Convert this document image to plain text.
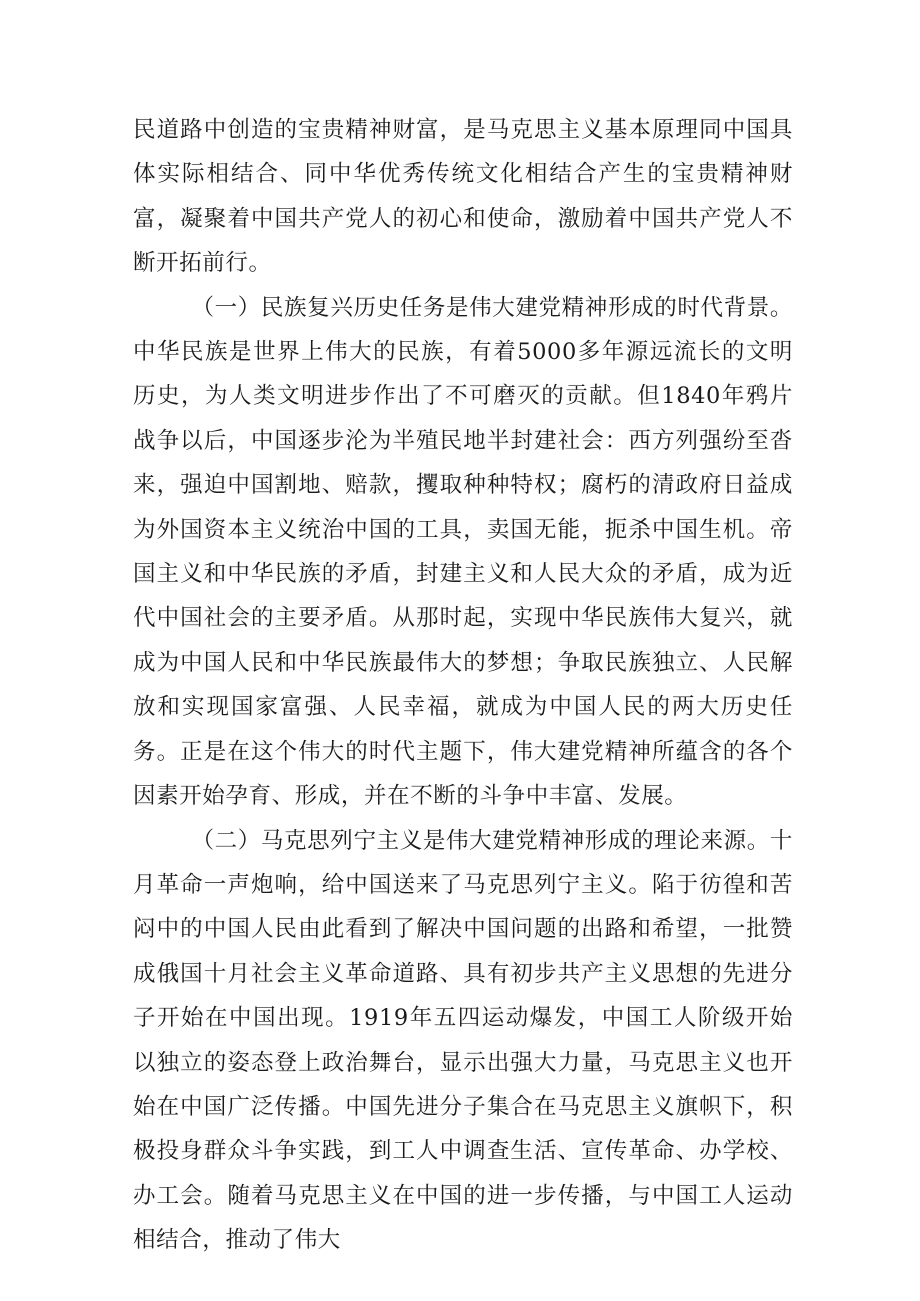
民道路中创造的宝贵精神财富，是马克思主义基本原理同中国具体实际相结合、同中华优秀传统文化相结合产生的宝贵精神财富，凝聚着中国共产党人的初心和使命，激励着中国共产党人不断开拓前行。

（一）民族复兴历史任务是伟大建党精神形成的时代背景。中华民族是世界上伟大的民族，有着5000多年源远流长的文明历史，为人类文明进步作出了不可磨灭的贡献。但1840年鸦片战争以后，中国逐步沦为半殖民地半封建社会：西方列强纷至沓来，强迫中国割地、赔款，攫取种种特权；腐朽的清政府日益成为外国资本主义统治中国的工具，卖国无能，扼杀中国生机。帝国主义和中华民族的矛盾，封建主义和人民大众的矛盾，成为近代中国社会的主要矛盾。从那时起，实现中华民族伟大复兴，就成为中国人民和中华民族最伟大的梦想；争取民族独立、人民解放和实现国家富强、人民幸福，就成为中国人民的两大历史任务。正是在这个伟大的时代主题下，伟大建党精神所蕴含的各个因素开始孕育、形成，并在不断的斗争中丰富、发展。

（二）马克思列宁主义是伟大建党精神形成的理论来源。十月革命一声炮响，给中国送来了马克思列宁主义。陷于彷徨和苦闷中的中国人民由此看到了解决中国问题的出路和希望，一批赞成俄国十月社会主义革命道路、具有初步共产主义思想的先进分子开始在中国出现。1919年五四运动爆发，中国工人阶级开始以独立的姿态登上政治舞台，显示出强大力量，马克思主义也开始在中国广泛传播。中国先进分子集合在马克思主义旗帜下，积极投身群众斗争实践，到工人中调查生活、宣传革命、办学校、办工会。随着马克思主义在中国的进一步传播，与中国工人运动相结合，推动了伟大
